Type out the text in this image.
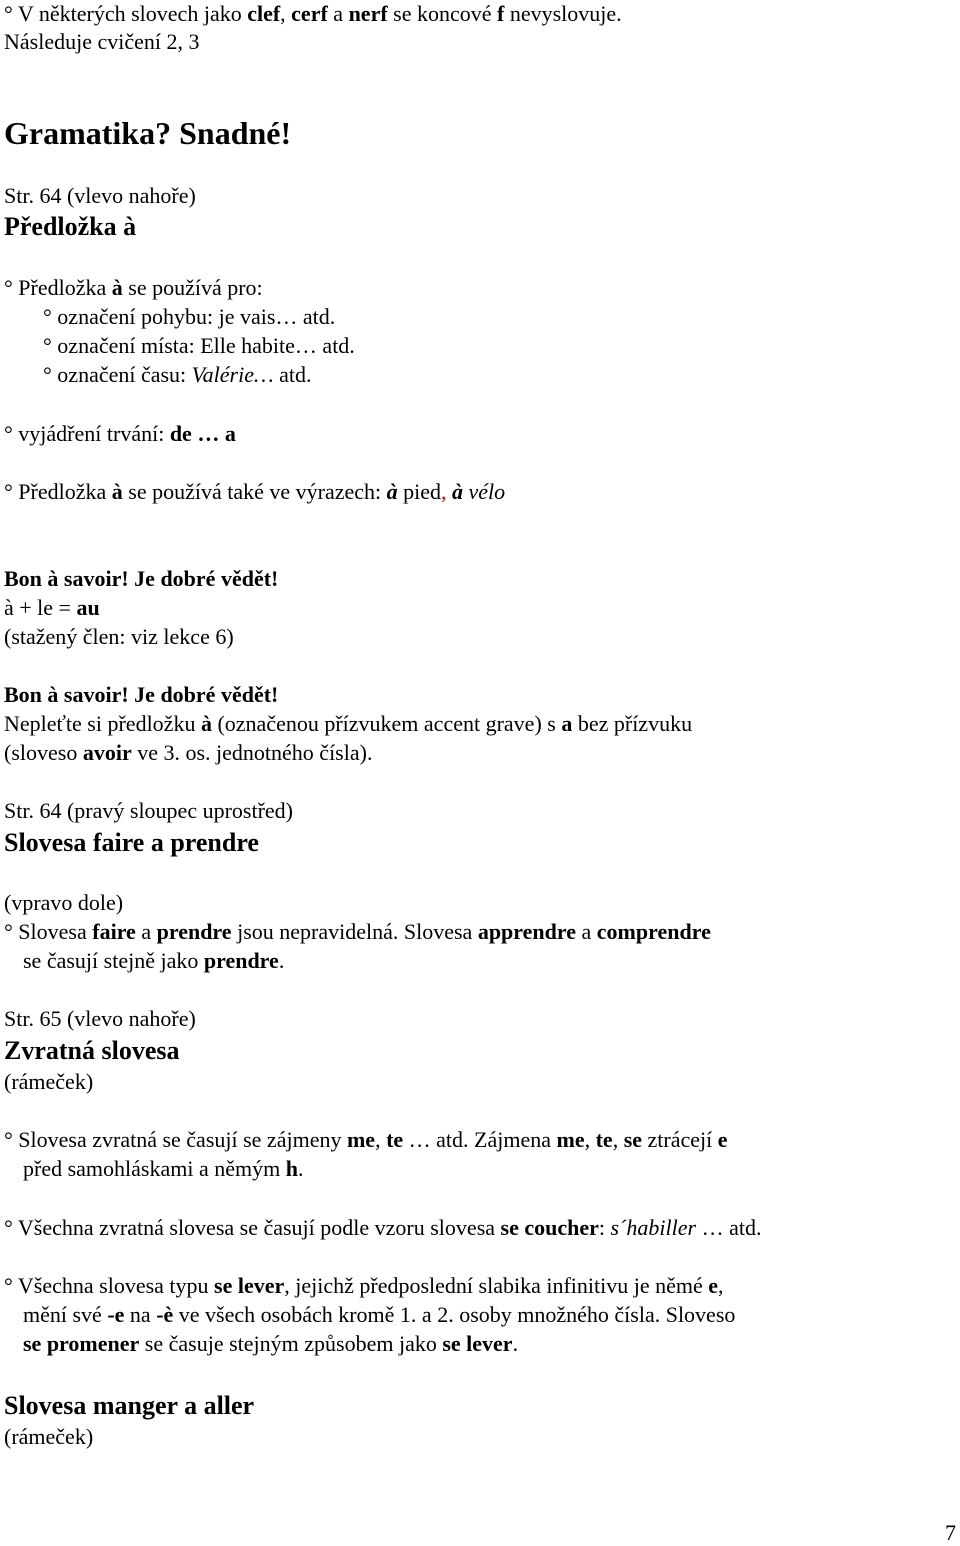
° V některých slovech jako clef, cerf a nerf se koncové f nevyslovuje.
Následuje cvičení 2, 3
Gramatika? Snadné!
Str. 64 (vlevo nahoře)
Předložka à
° Předložka à se používá pro:
° označení pohybu: je vais… atd.
° označení místa: Elle habite… atd.
° označení času: Valérie… atd.
° vyjádření trvání: de … a
° Předložka à se používá také ve výrazech: à pied, à vélo
Bon à savoir! Je dobré vědět!
à + le = au
(stažený člen: viz lekce 6)
Bon à savoir! Je dobré vědět!
Nepleťte si předložku à (označenou přízvukem accent grave) s a bez přízvuku
(sloveso avoir ve 3. os. jednotného čísla).
Str. 64 (pravý sloupec uprostřed)
Slovesa faire a prendre
(vpravo dole)
° Slovesa faire a prendre jsou nepravidelná. Slovesa apprendre a comprendre
se časují stejně jako prendre.
Str. 65 (vlevo nahoře)
Zvratná slovesa
(rámeček)
° Slovesa zvratná se časují se zájmeny me, te … atd. Zájmena me, te, se ztrácejí e
před samohláskami a němým h.
° Všechna zvratná slovesa se časují podle vzoru slovesa se coucher: s´habiller … atd.
° Všechna slovesa typu se lever, jejichž předposlední slabika infinitivu je němé e,
mění své -e na -è ve všech osobách kromě 1. a 2. osoby množného čísla. Sloveso
se promener se časuje stejným způsobem jako se lever.
Slovesa manger a aller
(rámeček)
7
